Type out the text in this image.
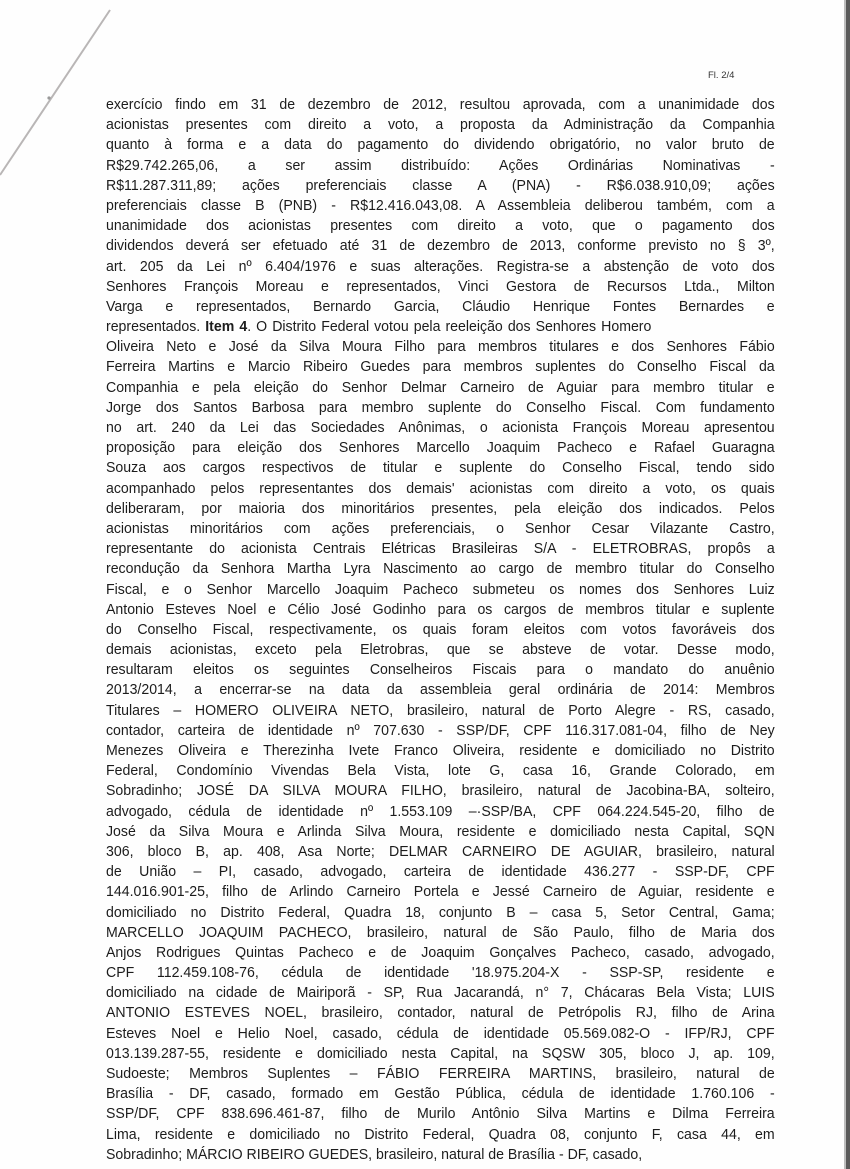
Fl. 2/4
exercício findo em 31 de dezembro de 2012, resultou aprovada, com a unanimidade dos
acionistas presentes com direito a voto, a proposta da Administração da Companhia
quanto à forma e a data do pagamento do dividendo obrigatório, no valor bruto de
R$29.742.265,06, a ser assim distribuído: Ações Ordinárias Nominativas -
R$11.287.311,89; ações preferenciais classe A (PNA) - R$6.038.910,09; ações
preferenciais classe B (PNB) - R$12.416.043,08. A Assembleia deliberou também, com a
unanimidade dos acionistas presentes com direito a voto, que o pagamento dos
dividendos deverá ser efetuado até 31 de dezembro de 2013, conforme previsto no § 3º,
art. 205 da Lei nº 6.404/1976 e suas alterações. Registra-se a abstenção de voto dos
Senhores François Moreau e representados, Vinci Gestora de Recursos Ltda., Milton
Varga e representados, Bernardo Garcia, Cláudio Henrique Fontes Bernardes e
representados. Item 4. O Distrito Federal votou pela reeleição dos Senhores Homero
Oliveira Neto e José da Silva Moura Filho para membros titulares e dos Senhores Fábio
Ferreira Martins e Marcio Ribeiro Guedes para membros suplentes do Conselho Fiscal da
Companhia e pela eleição do Senhor Delmar Carneiro de Aguiar para membro titular e
Jorge dos Santos Barbosa para membro suplente do Conselho Fiscal. Com fundamento
no art. 240 da Lei das Sociedades Anônimas, o acionista François Moreau apresentou
proposição para eleição dos Senhores Marcello Joaquim Pacheco e Rafael Guaragna
Souza aos cargos respectivos de titular e suplente do Conselho Fiscal, tendo sido
acompanhado pelos representantes dos demais' acionistas com direito a voto, os quais
deliberaram, por maioria dos minoritários presentes, pela eleição dos indicados. Pelos
acionistas minoritários com ações preferenciais, o Senhor Cesar Vilazante Castro,
representante do acionista Centrais Elétricas Brasileiras S/A - ELETROBRAS, propôs a
recondução da Senhora Martha Lyra Nascimento ao cargo de membro titular do Conselho
Fiscal, e o Senhor Marcello Joaquim Pacheco submeteu os nomes dos Senhores Luiz
Antonio Esteves Noel e Célio José Godinho para os cargos de membros titular e suplente
do Conselho Fiscal, respectivamente, os quais foram eleitos com votos favoráveis dos
demais acionistas, exceto pela Eletrobras, que se absteve de votar. Desse modo,
resultaram eleitos os seguintes Conselheiros Fiscais para o mandato do anuênio
2013/2014, a encerrar-se na data da assembleia geral ordinária de 2014: Membros
Titulares – HOMERO OLIVEIRA NETO, brasileiro, natural de Porto Alegre - RS, casado,
contador, carteira de identidade nº 707.630 - SSP/DF, CPF 116.317.081-04, filho de Ney
Menezes Oliveira e Therezinha Ivete Franco Oliveira, residente e domiciliado no Distrito
Federal, Condomínio Vivendas Bela Vista, lote G, casa 16, Grande Colorado, em
Sobradinho; JOSÉ DA SILVA MOURA FILHO, brasileiro, natural de Jacobina-BA, solteiro,
advogado, cédula de identidade nº 1.553.109 –·SSP/BA, CPF 064.224.545-20, filho de
José da Silva Moura e Arlinda Silva Moura, residente e domiciliado nesta Capital, SQN
306, bloco B, ap. 408, Asa Norte; DELMAR CARNEIRO DE AGUIAR, brasileiro, natural
de União – PI, casado, advogado, carteira de identidade 436.277 - SSP-DF, CPF
144.016.901-25, filho de Arlindo Carneiro Portela e Jessé Carneiro de Aguiar, residente e
domiciliado no Distrito Federal, Quadra 18, conjunto B – casa 5, Setor Central, Gama;
MARCELLO JOAQUIM PACHECO, brasileiro, natural de São Paulo, filho de Maria dos
Anjos Rodrigues Quintas Pacheco e de Joaquim Gonçalves Pacheco, casado, advogado,
CPF 112.459.108-76, cédula de identidade '18.975.204-X - SSP-SP, residente e
domiciliado na cidade de Mairiporã - SP, Rua Jacarandá, n° 7, Chácaras Bela Vista; LUIS
ANTONIO ESTEVES NOEL, brasileiro, contador, natural de Petrópolis RJ, filho de Arina
Esteves Noel e Helio Noel, casado, cédula de identidade 05.569.082-O - IFP/RJ, CPF
013.139.287-55, residente e domiciliado nesta Capital, na SQSW 305, bloco J, ap. 109,
Sudoeste; Membros Suplentes – FÁBIO FERREIRA MARTINS, brasileiro, natural de
Brasília - DF, casado, formado em Gestão Pública, cédula de identidade 1.760.106 -
SSP/DF, CPF 838.696.461-87, filho de Murilo Antônio Silva Martins e Dilma Ferreira
Lima, residente e domiciliado no Distrito Federal, Quadra 08, conjunto F, casa 44, em
Sobradinho; MÁRCIO RIBEIRO GUEDES, brasileiro, natural de Brasília - DF, casado,
